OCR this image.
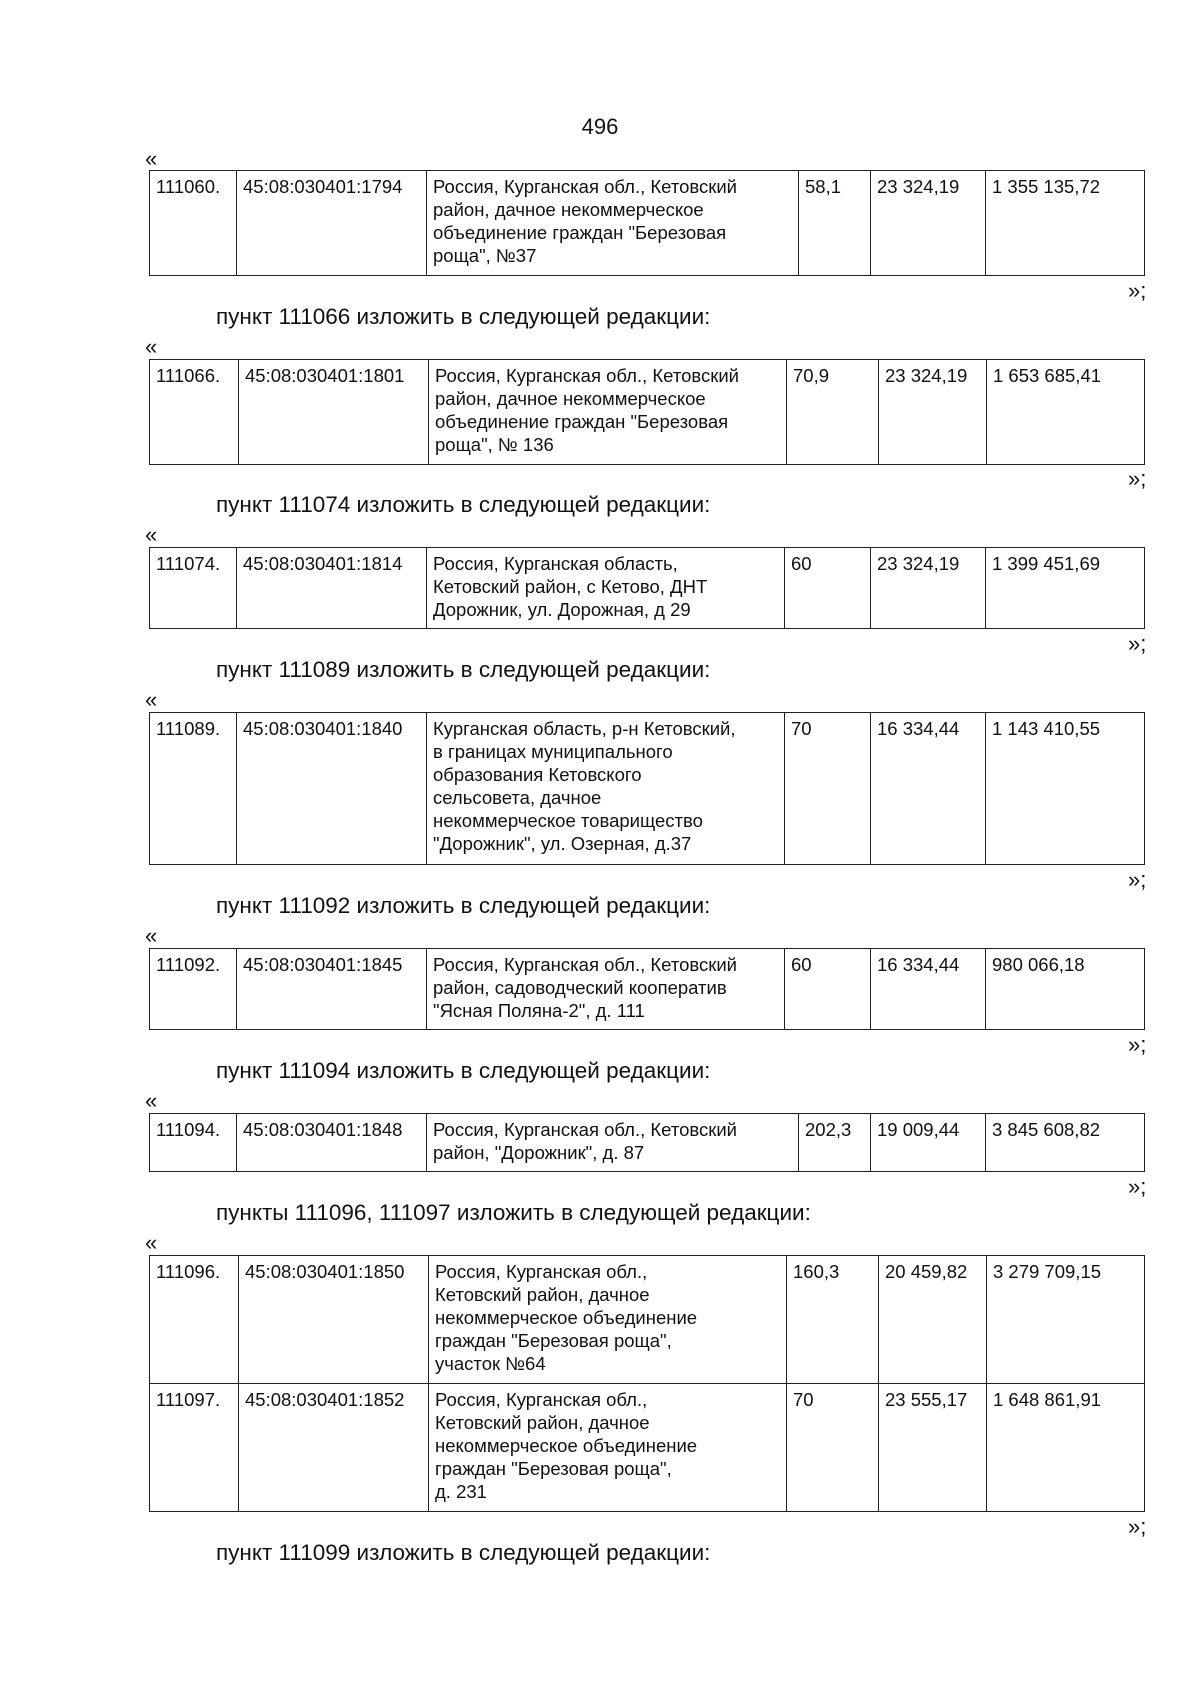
496
«
111060.	45:08:030401:1794	Россия, Курганская обл., Кетовский
район, дачное некоммерческое
объединение граждан "Березовая
роща", №37
	58,1	23 324,19	1 355 135,72
»;
пункт 111066 изложить в следующей редакции:
«
111066.	45:08:030401:1801	Россия, Курганская обл., Кетовский
район, дачное некоммерческое
объединение граждан "Березовая
роща", № 136
	70,9	23 324,19	1 653 685,41
»;
пункт 111074 изложить в следующей редакции:
«
111074.	45:08:030401:1814	Россия, Курганская область,
Кетовский район, с Кетово, ДНТ
Дорожник, ул. Дорожная, д 29
	60	23 324,19	1 399 451,69
»;
пункт 111089 изложить в следующей редакции:
«
111089.	45:08:030401:1840	Курганская область, р-н Кетовский,
в границах муниципального
образования Кетовского
сельсовета, дачное
некоммерческое товарищество
"Дорожник", ул. Озерная, д.37
	70	16 334,44	1 143 410,55
»;
пункт 111092 изложить в следующей редакции:
«
111092.	45:08:030401:1845	Россия, Курганская обл., Кетовский
район, садоводческий кооператив
"Ясная Поляна-2", д. 111
	60	16 334,44	980 066,18
»;
пункт 111094 изложить в следующей редакции:
«
111094.	45:08:030401:1848	Россия, Курганская обл., Кетовский
район, "Дорожник", д. 87
	202,3	19 009,44	3 845 608,82
»;
пункты 111096, 111097 изложить в следующей редакции:
«
111096.	45:08:030401:1850	Россия, Курганская обл.,
Кетовский район, дачное
некоммерческое объединение
граждан "Березовая роща",
участок №64	160,3	20 459,82	3 279 709,15
111097.	45:08:030401:1852	Россия, Курганская обл.,
Кетовский район, дачное
некоммерческое объединение
граждан "Березовая роща",
д. 231	70	23 555,17	1 648 861,91
»;
пункт 111099 изложить в следующей редакции:
